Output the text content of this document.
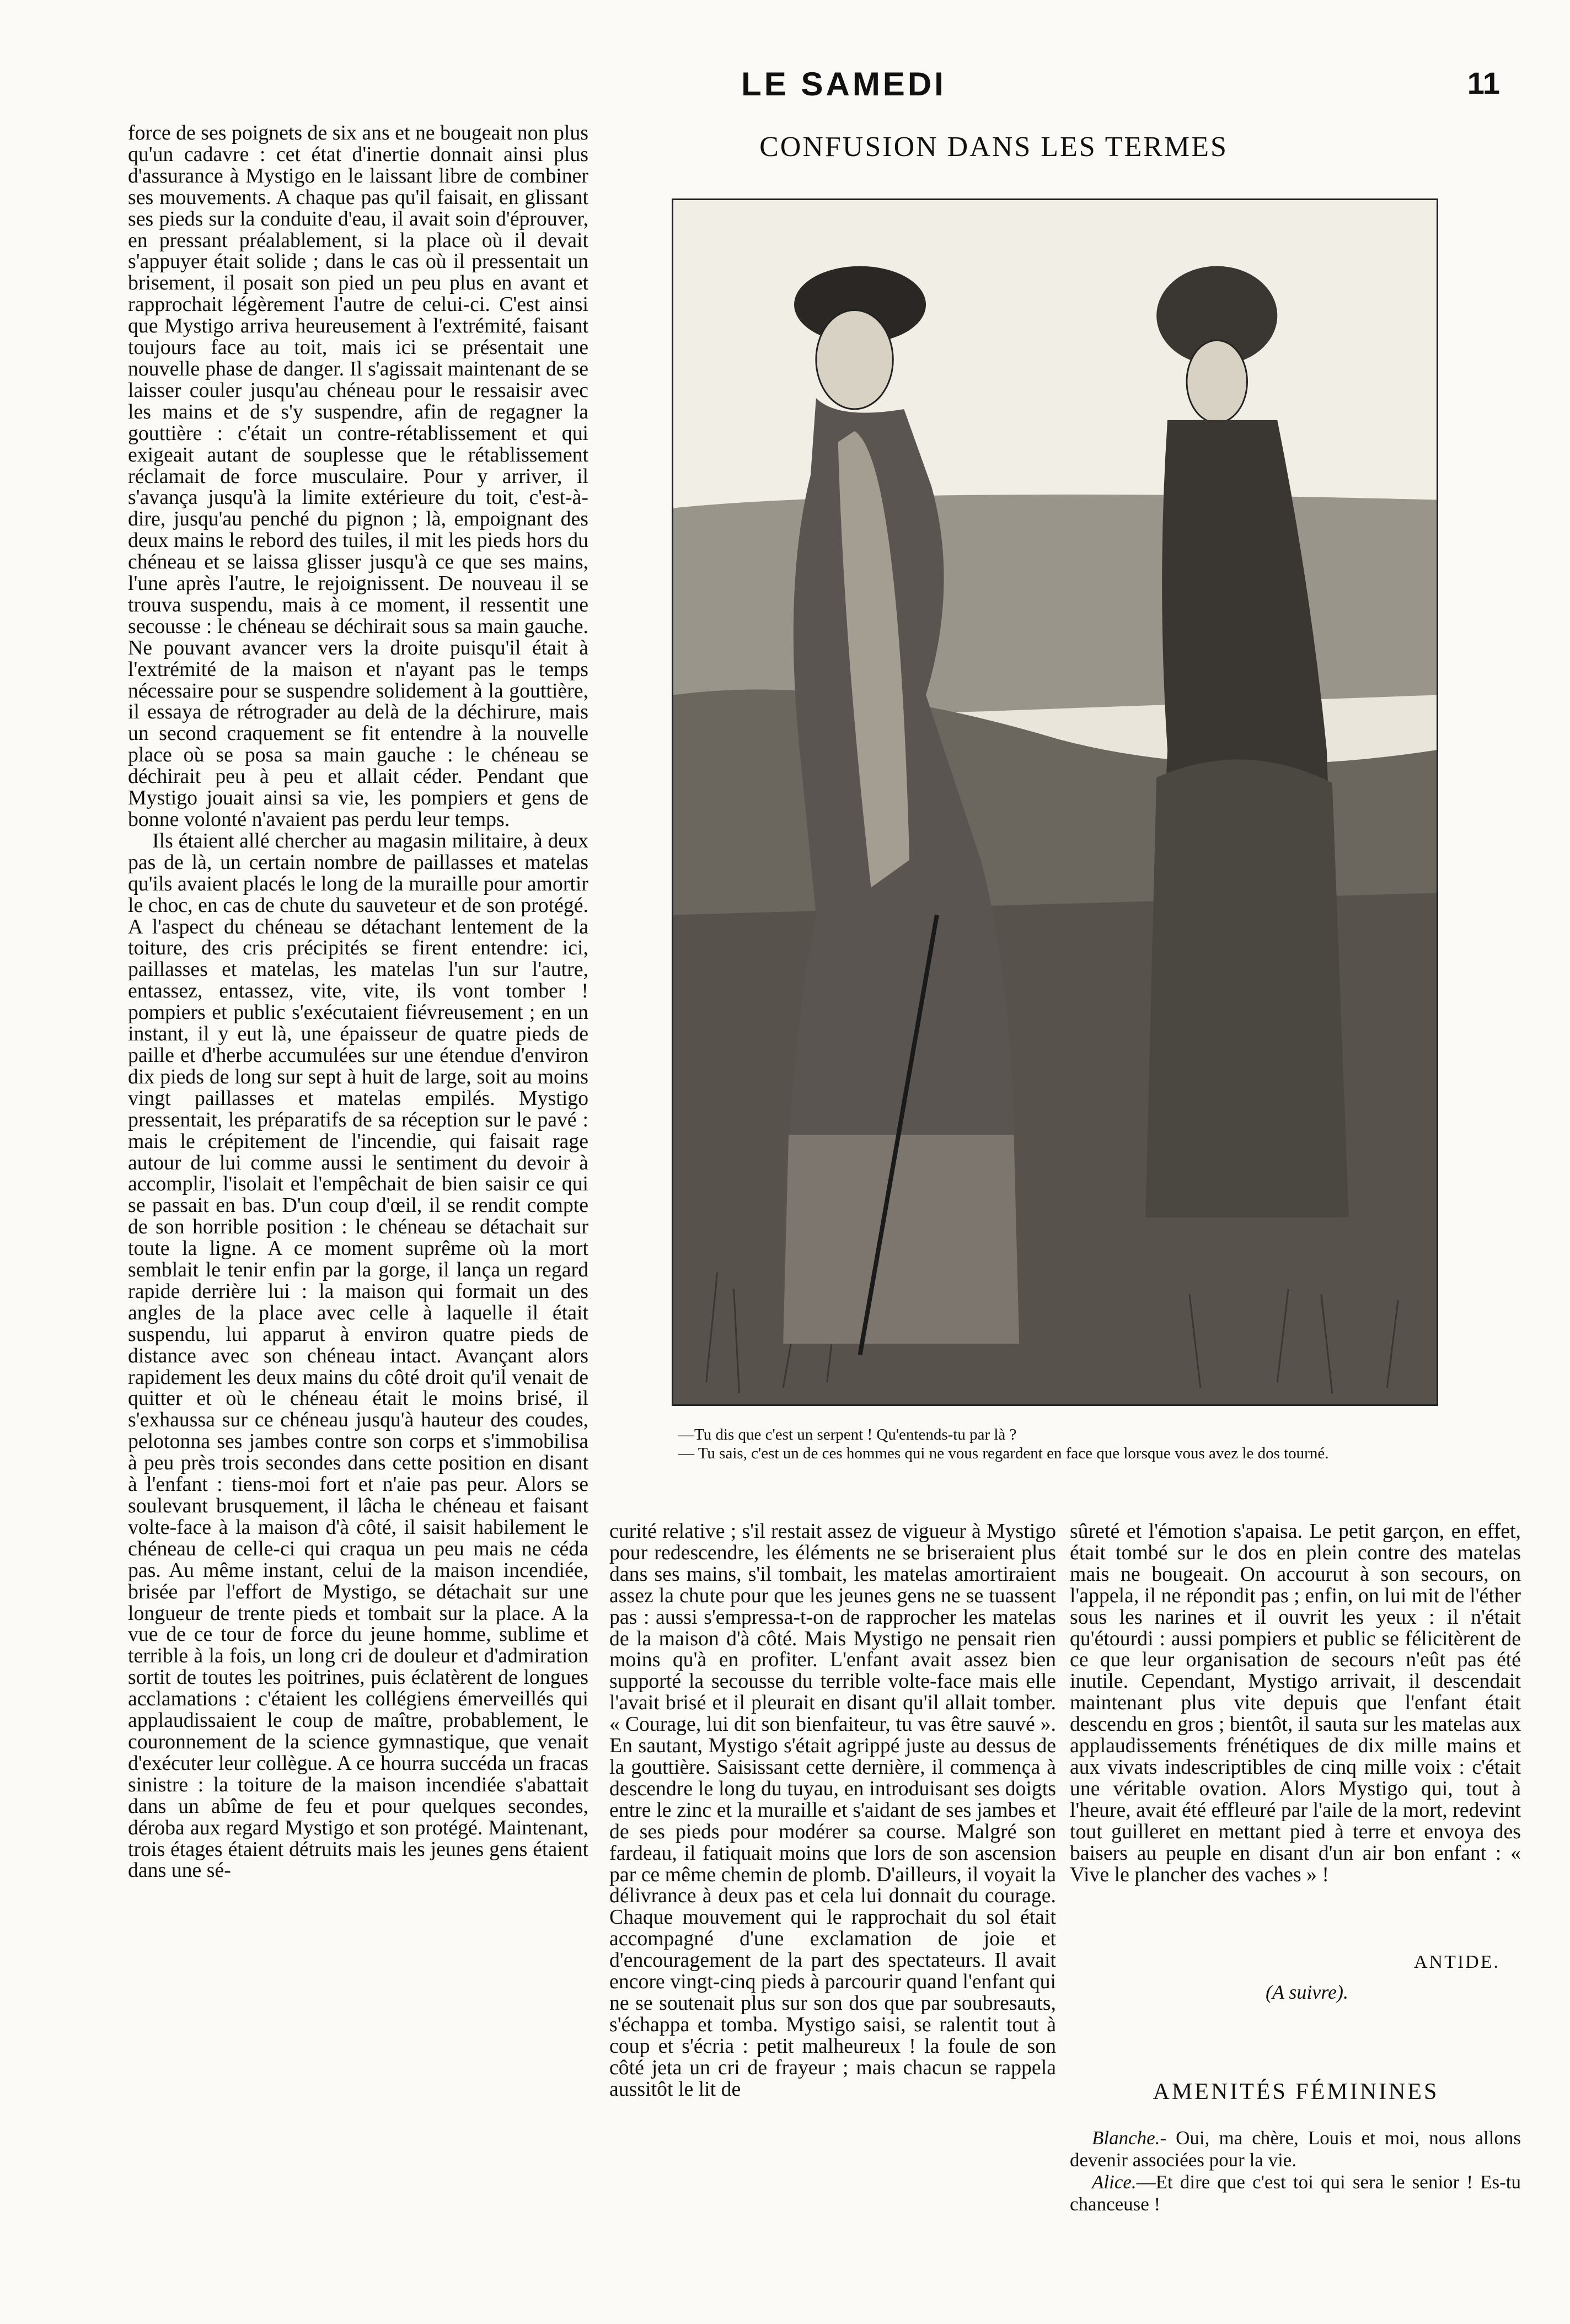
LE SAMEDI	11

force de ses poignets de six ans et ne bougeait non plus qu'un cadavre : cet état d'inertie donnait ainsi plus d'assurance à Mystigo en le laissant libre de combiner ses mouvements. A chaque pas qu'il faisait, en glissant ses pieds sur la conduite d'eau, il avait soin d'éprouver, en pressant préalablement, si la place où il devait s'appuyer était solide ; dans le cas où il pressentait un brisement, il posait son pied un peu plus en avant et rapprochait légèrement l'autre de celui-ci. C'est ainsi que Mystigo arriva heureusement à l'extrémité, faisant toujours face au toit, mais ici se présentait une nouvelle phase de danger. Il s'agissait maintenant de se laisser couler jusqu'au chéneau pour le ressaisir avec les mains et de s'y suspendre, afin de regagner la gouttière : c'était un contre-rétablissement et qui exigeait autant de souplesse que le rétablissement réclamait de force musculaire. Pour y arriver, il s'avança jusqu'à la limite extérieure du toit, c'est-à-dire, jusqu'au penché du pignon ; là, empoignant des deux mains le rebord des tuiles, il mit les pieds hors du chéneau et se laissa glisser jusqu'à ce que ses mains, l'une après l'autre, le rejoignissent. De nouveau il se trouva suspendu, mais à ce moment, il ressentit une secousse : le chéneau se déchirait sous sa main gauche. Ne pouvant avancer vers la droite puisqu'il était à l'extrémité de la maison et n'ayant pas le temps nécessaire pour se suspendre solidement à la gouttière, il essaya de rétrograder au delà de la déchirure, mais un second craquement se fit entendre à la nouvelle place où se posa sa main gauche : le chéneau se déchirait peu à peu et allait céder. Pendant que Mystigo jouait ainsi sa vie, les pompiers et gens de bonne volonté n'avaient pas perdu leur temps.

Ils étaient allé chercher au magasin militaire, à deux pas de là, un certain nombre de paillasses et matelas qu'ils avaient placés le long de la muraille pour amortir le choc, en cas de chute du sauveteur et de son protégé. A l'aspect du chéneau se détachant lentement de la toiture, des cris précipités se firent entendre: ici, paillasses et matelas, les matelas l'un sur l'autre, entassez, entassez, vite, vite, ils vont tomber ! pompiers et public s'exécutaient fiévreusement ; en un instant, il y eut là, une épaisseur de quatre pieds de paille et d'herbe accumulées sur une étendue d'environ dix pieds de long sur sept à huit de large, soit au moins vingt paillasses et matelas empilés. Mystigo pressentait, les préparatifs de sa réception sur le pavé : mais le crépitement de l'incendie, qui faisait rage autour de lui comme aussi le sentiment du devoir à accomplir, l'isolait et l'empêchait de bien saisir ce qui se passait en bas. D'un coup d'œil, il se rendit compte de son horrible position : le chéneau se détachait sur toute la ligne. A ce moment suprême où la mort semblait le tenir enfin par la gorge, il lança un regard rapide derrière lui : la maison qui formait un des angles de la place avec celle à laquelle il était suspendu, lui apparut à environ quatre pieds de distance avec son chéneau intact. Avançant alors rapidement les deux mains du côté droit qu'il venait de quitter et où le chéneau était le moins brisé, il s'exhaussa sur ce chéneau jusqu'à hauteur des coudes, pelotonna ses jambes contre son corps et s'immobilisa à peu près trois secondes dans cette position en disant à l'enfant : tiens-moi fort et n'aie pas peur. Alors se soulevant brusquement, il lâcha le chéneau et faisant volte-face à la maison d'à côté, il saisit habilement le chéneau de celle-ci qui craqua un peu mais ne céda pas. Au même instant, celui de la maison incendiée, brisée par l'effort de Mystigo, se détachait sur une longueur de trente pieds et tombait sur la place. A la vue de ce tour de force du jeune homme, sublime et terrible à la fois, un long cri de douleur et d'admiration sortit de toutes les poitrines, puis éclatèrent de longues acclamations : c'étaient les collégiens émerveillés qui applaudissaient le coup de maître, probablement, le couronnement de la science gymnastique, que venait d'exécuter leur collègue. A ce hourra succéda un fracas sinistre : la toiture de la maison incendiée s'abattait dans un abîme de feu et pour quelques secondes, déroba aux regard Mystigo et son protégé. Maintenant, trois étages étaient détruits mais les jeunes gens étaient dans une sé-

CONFUSION DANS LES TERMES

—Tu dis que c'est un serpent ! Qu'entends-tu par là ?

— Tu sais, c'est un de ces hommes qui ne vous regardent en face que lorsque vous avez le dos tourné.

curité relative ; s'il restait assez de vigueur à Mystigo pour redescendre, les éléments ne se briseraient plus dans ses mains, s'il tombait, les matelas amortiraient assez la chute pour que les jeunes gens ne se tuassent pas : aussi s'empressa-t-on de rapprocher les matelas de la maison d'à côté. Mais Mystigo ne pensait rien moins qu'à en profiter. L'enfant avait assez bien supporté la secousse du terrible volte-face mais elle l'avait brisé et il pleurait en disant qu'il allait tomber. « Courage, lui dit son bienfaiteur, tu vas être sauvé ». En sautant, Mystigo s'était agrippé juste au dessus de la gouttière. Saisissant cette dernière, il commença à descendre le long du tuyau, en introduisant ses doigts entre le zinc et la muraille et s'aidant de ses jambes et de ses pieds pour modérer sa course. Malgré son fardeau, il fatiquait moins que lors de son ascension par ce même chemin de plomb. D'ailleurs, il voyait la délivrance à deux pas et cela lui donnait du courage. Chaque mouvement qui le rapprochait du sol était accompagné d'une exclamation de joie et d'encouragement de la part des spectateurs. Il avait encore vingt-cinq pieds à parcourir quand l'enfant qui ne se soutenait plus sur son dos que par soubresauts, s'échappa et tomba. Mystigo saisi, se ralentit tout à coup et s'écria : petit malheureux ! la foule de son côté jeta un cri de frayeur ; mais chacun se rappela aussitôt le lit de

sûreté et l'émotion s'apaisa. Le petit garçon, en effet, était tombé sur le dos en plein contre des matelas mais ne bougeait. On accourut à son secours, on l'appela, il ne répondit pas ; enfin, on lui mit de l'éther sous les narines et il ouvrit les yeux : il n'était qu'étourdi : aussi pompiers et public se félicitèrent de ce que leur organisation de secours n'eût pas été inutile. Cependant, Mystigo arrivait, il descendait maintenant plus vite depuis que l'enfant était descendu en gros ; bientôt, il sauta sur les matelas aux applaudissements frénétiques de dix mille mains et aux vivats indescriptibles de cinq mille voix : c'était une véritable ovation. Alors Mystigo qui, tout à l'heure, avait été effleuré par l'aile de la mort, redevint tout guilleret en mettant pied à terre et envoya des baisers au peuple en disant d'un air bon enfant : « Vive le plancher des vaches » !

ANTIDE.
(A suivre).
AMENITÉS FÉMININES

Blanche.- Oui, ma chère, Louis et moi, nous allons devenir associées pour la vie.

Alice.—Et dire que c'est toi qui sera le senior ! Es-tu chanceuse !
